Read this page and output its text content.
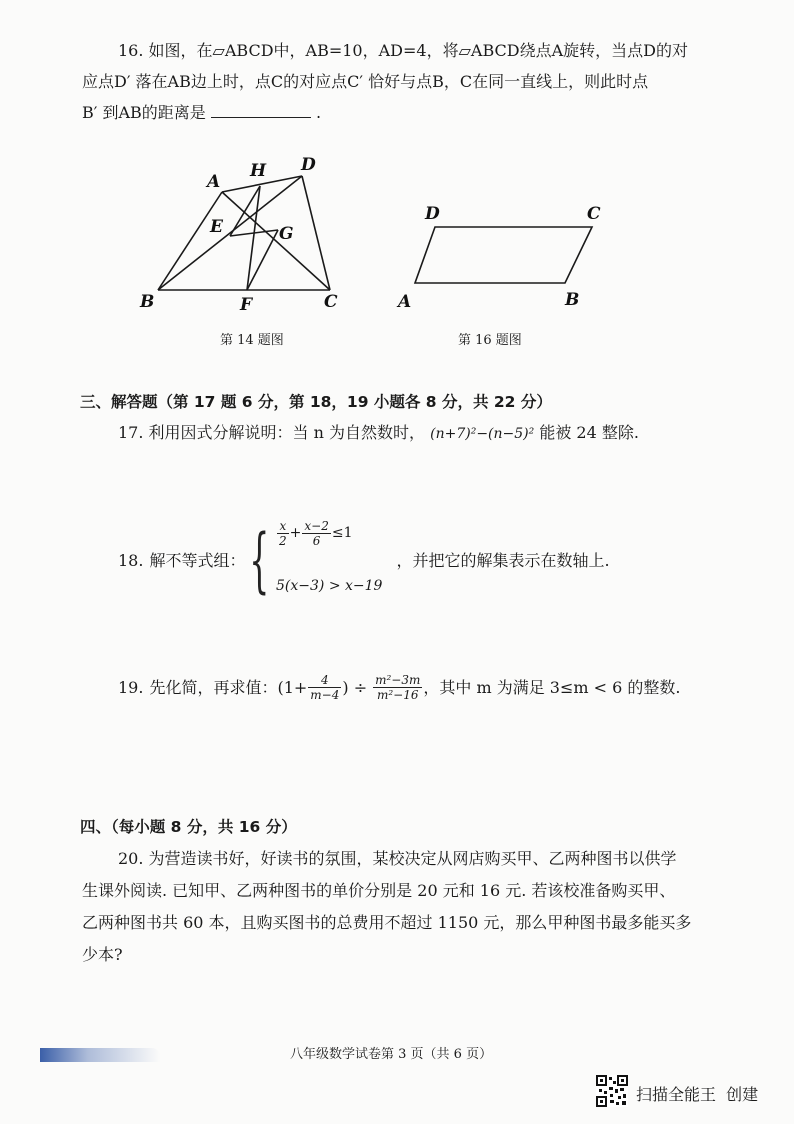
16. 如图，在▱ABCD中，AB=10，AD=4，将▱ABCD绕点A旋转，当点D的对
应点D′ 落在AB边上时，点C的对应点C′ 恰好与点B，C在同一直线上，则此时点
B′ 到AB的距离是	.
A
H D
E	G
B	F	C
第 14 题图
D	C
A	B
第 16 题图
三、解答题（第 17 题 6 分，第 18，19 小题各 8 分，共 22 分）
17. 利用因式分解说明：当 n 为自然数时， (n+7)²−(n−5)² 能被 24 整除.
18. 解不等式组： { $\frac{x}{2} + \frac{x-2}{6} \le 1$
5(x−3) > x−19
，并把它的解集表示在数轴上.
19. 先化简，再求值：($1+ \frac{4}{m-4}$ ) ÷ $\frac{\text{m²−3m}}{\text{m²−16}}$ ，其中 m 为满足 3≤m < 6 的整数.
四、（每小题 8 分，共 16 分）
20. 为营造读书好，好读书的氛围，某校决定从网店购买甲、乙两种图书以供学
生课外阅读. 已知甲、乙两种图书的单价分别是 20 元和 16 元. 若该校准备购买甲、
乙两种图书共 60 本，且购买图书的总费用不超过 1150 元，那么甲种图书最多能买多
少本?
八年级数学试卷第 3 页（共 6 页）
扫描全能王  创建
